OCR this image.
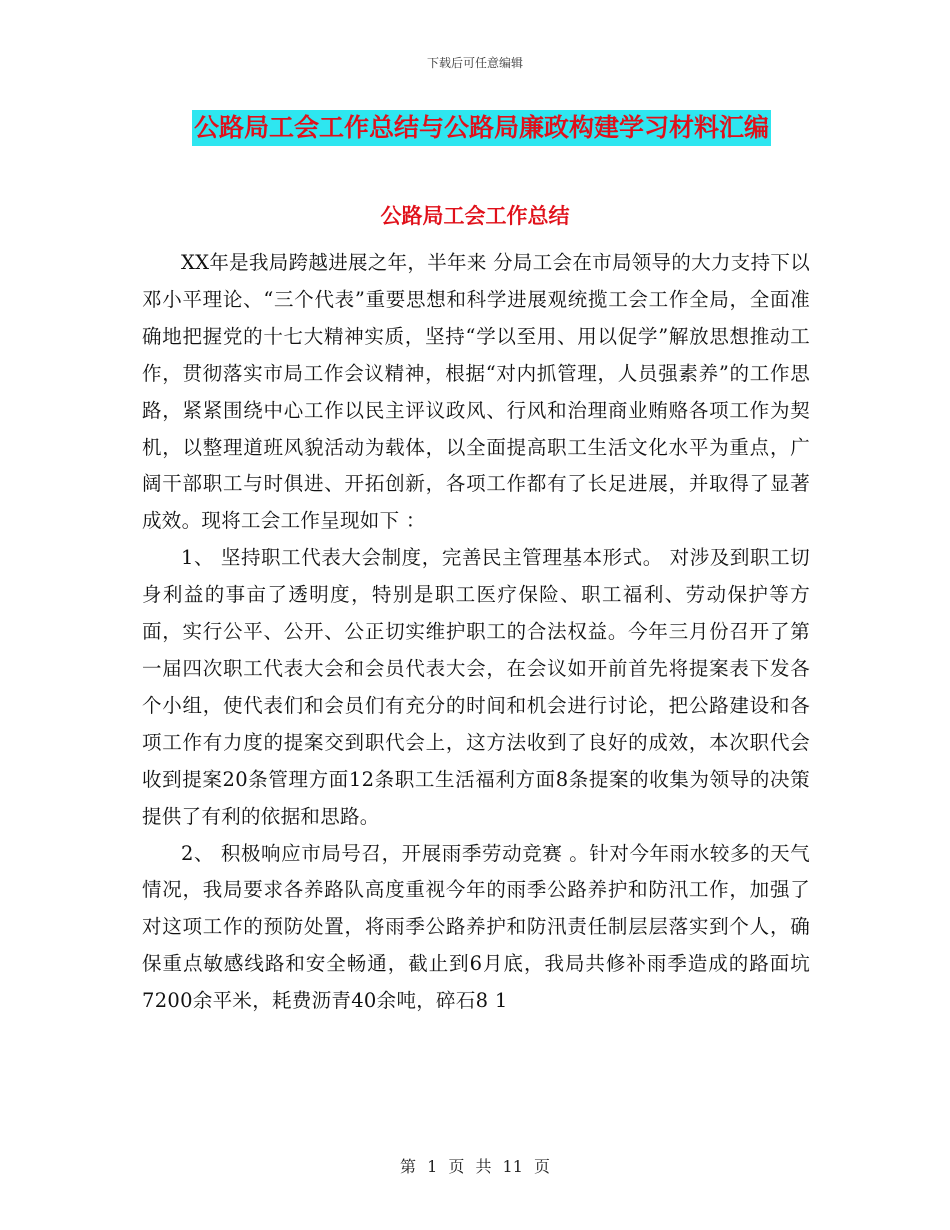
下载后可任意编辑
公路局工会工作总结与公路局廉政构建学习材料汇编
公路局工会工作总结

XX年是我局跨越进展之年，半年来 分局工会在市局领导的大力支持下以邓小平理论、“三个代表”重要思想和科学进展观统揽工会工作全局，全面准确地把握党的十七大精神实质，坚持“学以至用、用以促学”解放思想推动工作，贯彻落实市局工作会议精神，根据“对内抓管理，人员强素养”的工作思路，紧紧围绕中心工作以民主评议政风、行风和治理商业贿赂各项工作为契机，以整理道班风貌活动为载体，以全面提高职工生活文化水平为重点，广阔干部职工与时俱进、开拓创新，各项工作都有了长足进展，并取得了显著成效。现将工会工作呈现如下 ：

1、 坚持职工代表大会制度，完善民主管理基本形式。 对涉及到职工切身利益的事亩了透明度，特别是职工医疗保险、职工福利、劳动保护等方面，实行公平、公开、公正切实维护职工的合法权益。今年三月份召开了第一届四次职工代表大会和会员代表大会，在会议如开前首先将提案表下发各个小组，使代表们和会员们有充分的时间和机会进行讨论，把公路建设和各项工作有力度的提案交到职代会上，这方法收到了良好的成效，本次职代会收到提案20条管理方面12条职工生活福利方面8条提案的收集为领导的决策提供了有利的依据和思路。

2、 积极响应市局号召，开展雨季劳动竞赛 。针对今年雨水较多的天气情况，我局要求各养路队高度重视今年的雨季公路养护和防汛工作，加强了对这项工作的预防处置，将雨季公路养护和防汛责任制层层落实到个人，确保重点敏感线路和安全畅通，截止到6月底，我局共修补雨季造成的路面坑7200余平米，耗费沥青40余吨，碎石8 1

第 1 页 共 11 页
